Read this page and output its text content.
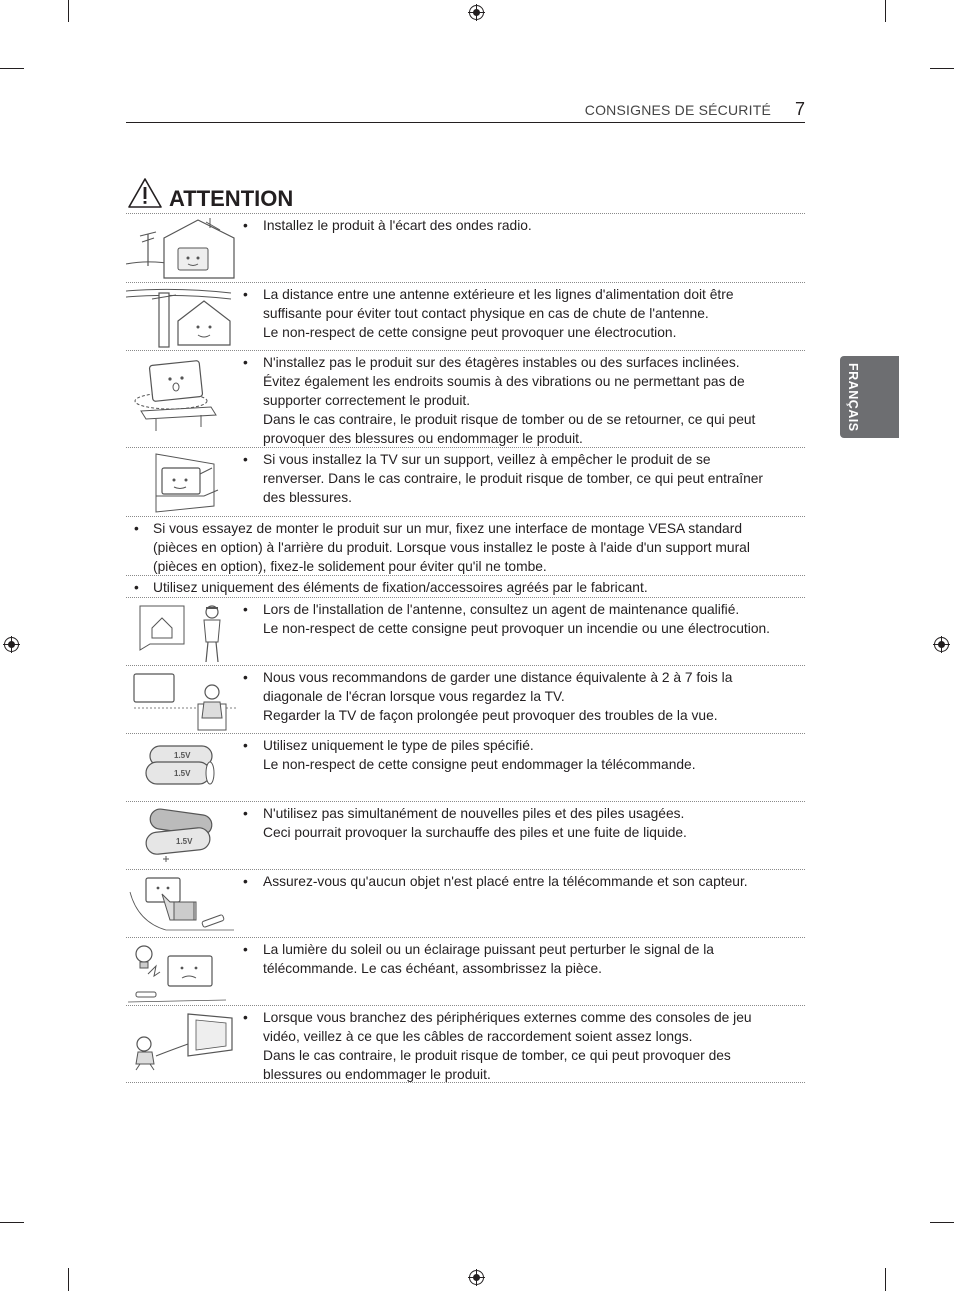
CONSIGNES DE SÉCURITÉ 7
FRANÇAIS
ATTENTION
• Installez le produit à l'écart des ondes radio.

• La distance entre une antenne extérieure et les lignes d'alimentation doit être

suffisante pour éviter tout contact physique en cas de chute de l'antenne.

Le non-respect de cette consigne peut provoquer une électrocution.

• N'installez pas le produit sur des étagères instables ou des surfaces inclinées.

Évitez également les endroits soumis à des vibrations ou ne permettant pas de

supporter correctement le produit.

Dans le cas contraire, le produit risque de tomber ou de se retourner, ce qui peut

provoquer des blessures ou endommager le produit.

• Si vous installez la TV sur un support, veillez à empêcher le produit de se

renverser. Dans le cas contraire, le produit risque de tomber, ce qui peut entraîner

des blessures.

• Si vous essayez de monter le produit sur un mur, fixez une interface de montage VESA standard

(pièces en option) à l'arrière du produit. Lorsque vous installez le poste à l'aide d'un support mural

(pièces en option), fixez-le solidement pour éviter qu'il ne tombe.

• Utilisez uniquement des éléments de fixation/accessoires agréés par le fabricant.

• Lors de l'installation de l'antenne, consultez un agent de maintenance qualifié.

Le non-respect de cette consigne peut provoquer un incendie ou une électrocution.

• Nous vous recommandons de garder une distance équivalente à 2 à 7 fois la

diagonale de l'écran lorsque vous regardez la TV.

Regarder la TV de façon prolongée peut provoquer des troubles de la vue.

1.5V
1.5V
• Utilisez uniquement le type de piles spécifié.

Le non-respect de cette consigne peut endommager la télécommande.

1.5V
• N'utilisez pas simultanément de nouvelles piles et des piles usagées.

Ceci pourrait provoquer la surchauffe des piles et une fuite de liquide.

• Assurez-vous qu'aucun objet n'est placé entre la télécommande et son capteur.

• La lumière du soleil ou un éclairage puissant peut perturber le signal de la

télécommande. Le cas échéant, assombrissez la pièce.

• Lorsque vous branchez des périphériques externes comme des consoles de jeu

vidéo, veillez à ce que les câbles de raccordement soient assez longs.

Dans le cas contraire, le produit risque de tomber, ce qui peut provoquer des

blessures ou endommager le produit.
